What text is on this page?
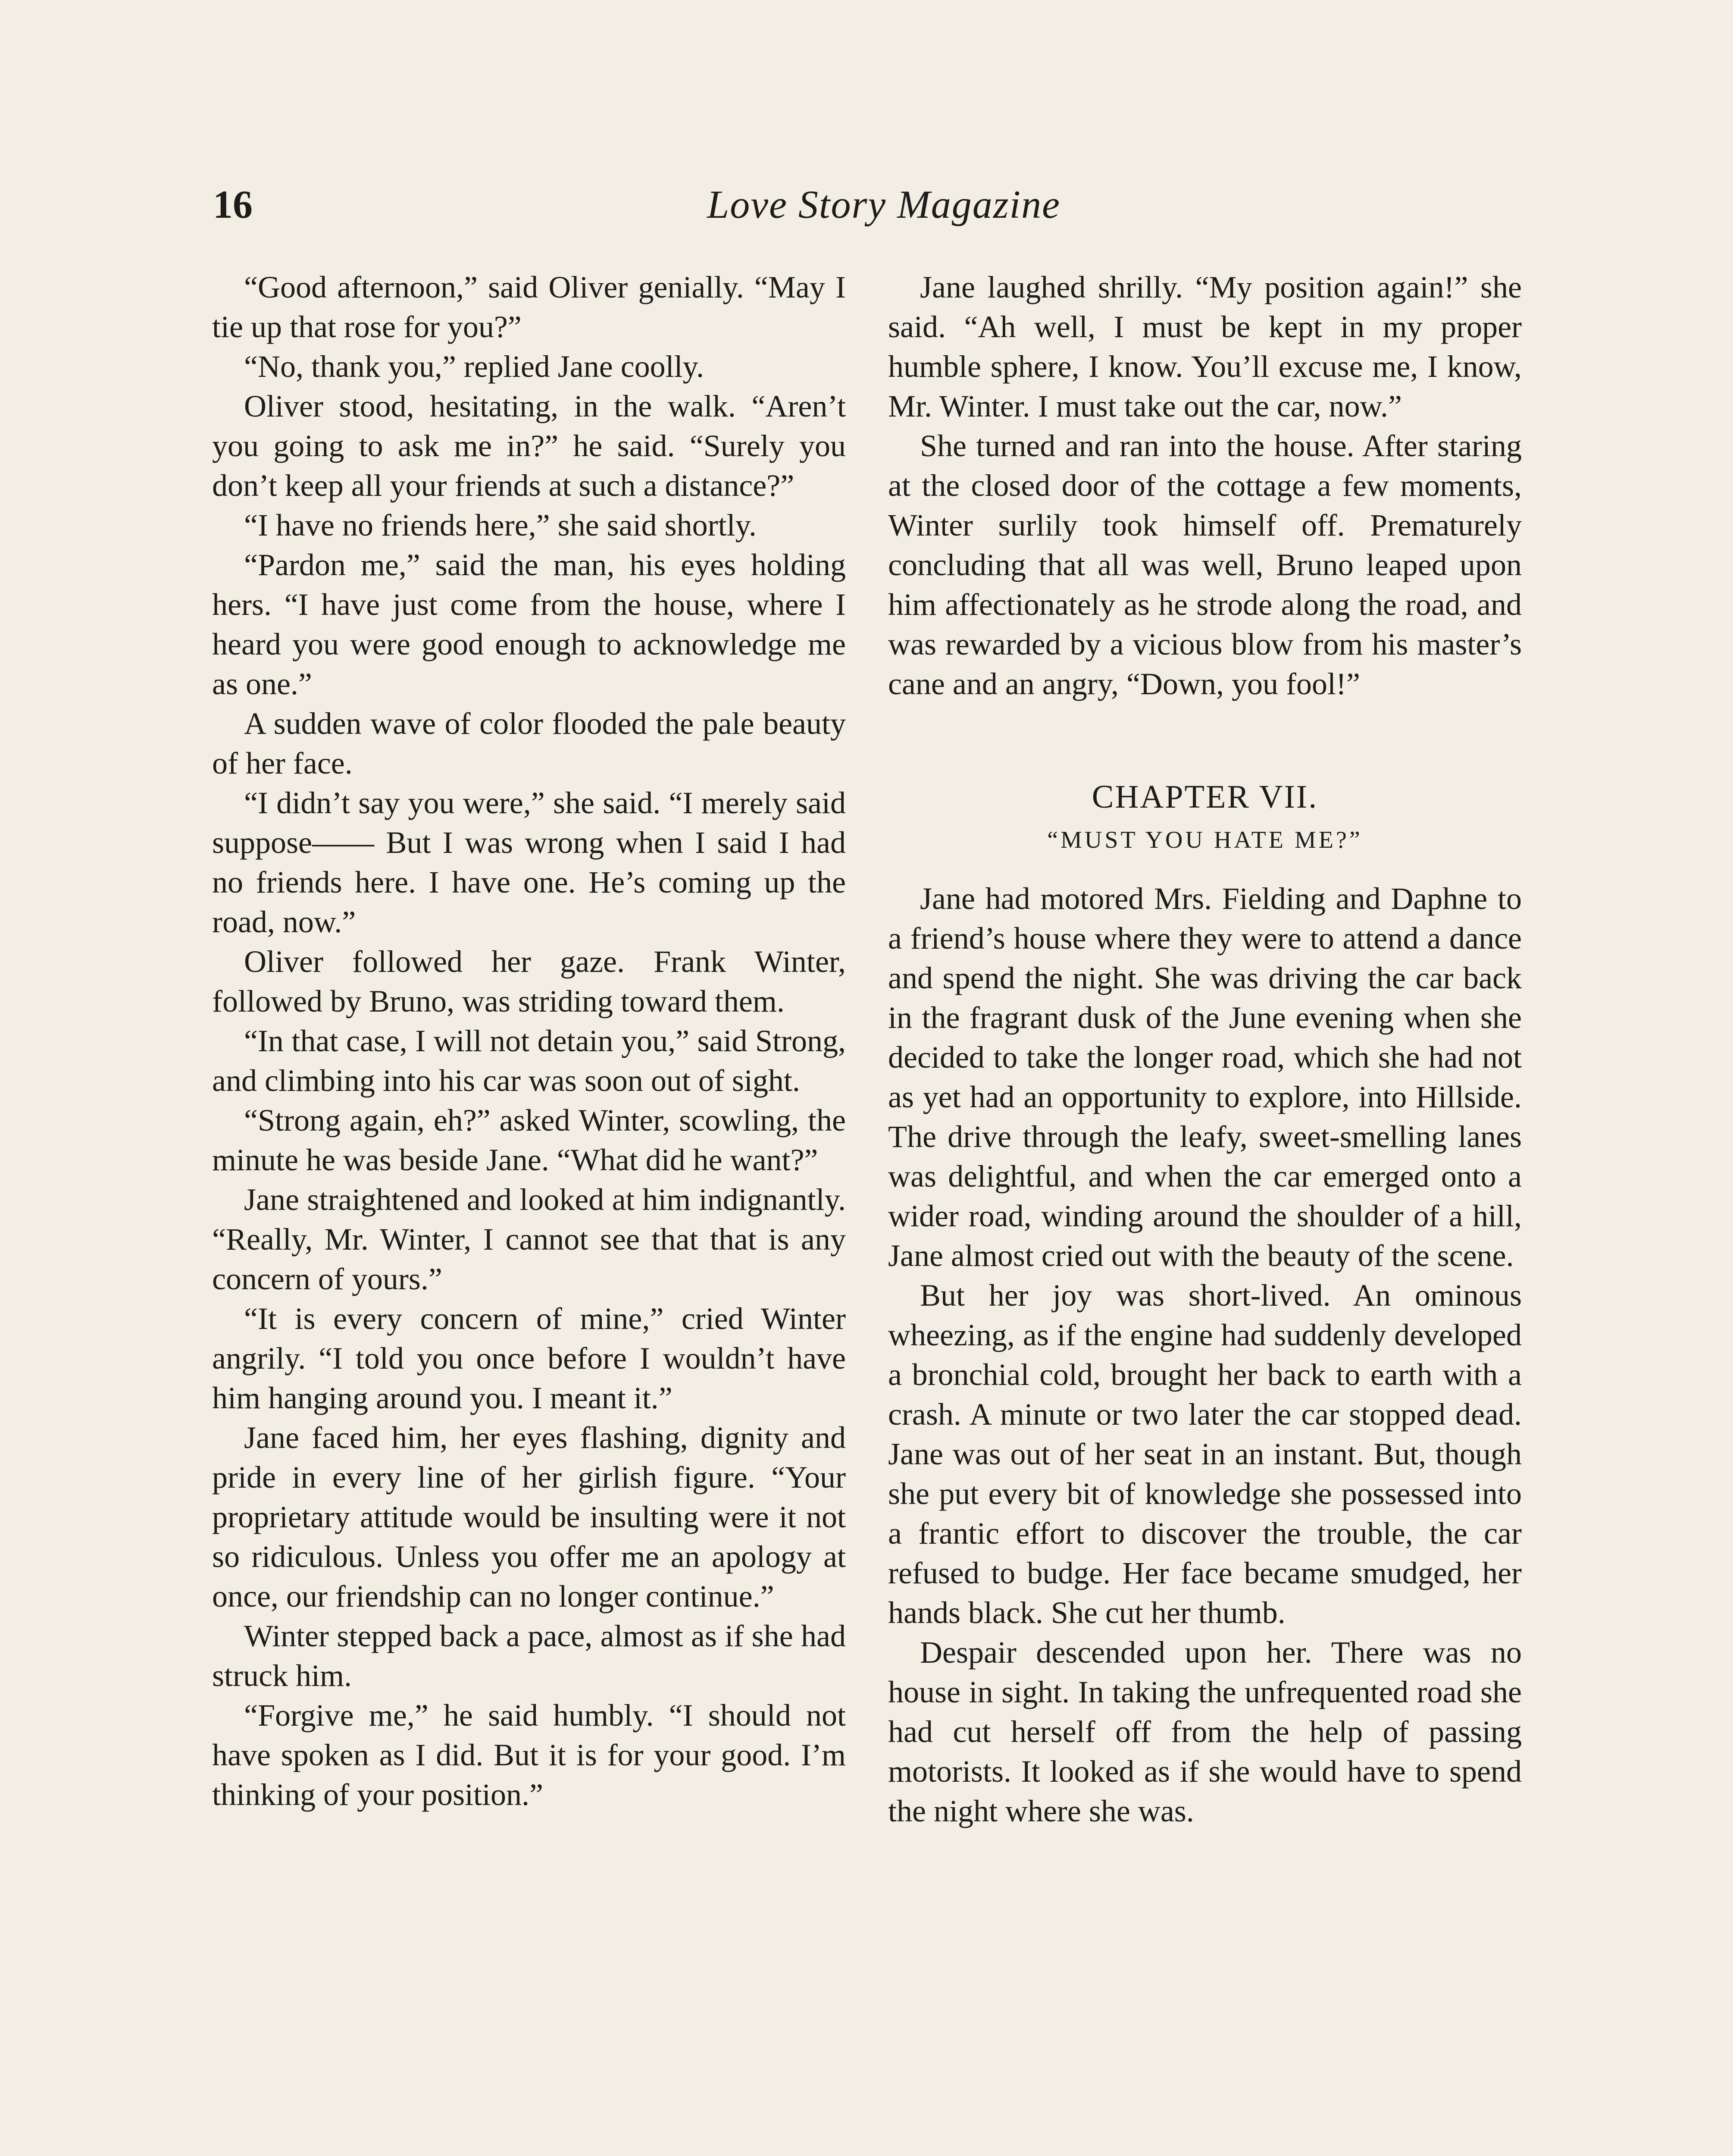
16	Love Story Magazine

“Good afternoon,” said Oliver genially. “May I tie up that rose for you?”

“No, thank you,” replied Jane coolly.

Oliver stood, hesitating, in the walk. “Aren’t you going to ask me in?” he said. “Surely you don’t keep all your friends at such a distance?”

“I have no friends here,” she said shortly.

“Pardon me,” said the man, his eyes holding hers. “I have just come from the house, where I heard you were good enough to acknowledge me as one.”

A sudden wave of color flooded the pale beauty of her face.

“I didn’t say you were,” she said. “I merely said suppose—— But I was wrong when I said I had no friends here. I have one. He’s coming up the road, now.”

Oliver followed her gaze. Frank Winter, followed by Bruno, was striding toward them.

“In that case, I will not detain you,” said Strong, and climbing into his car was soon out of sight.

“Strong again, eh?” asked Winter, scowling, the minute he was beside Jane. “What did he want?”

Jane straightened and looked at him indignantly. “Really, Mr. Winter, I cannot see that that is any concern of yours.”

“It is every concern of mine,” cried Winter angrily. “I told you once before I wouldn’t have him hanging around you. I meant it.”

Jane faced him, her eyes flashing, dignity and pride in every line of her girlish figure. “Your proprietary attitude would be insulting were it not so ridiculous. Unless you offer me an apology at once, our friendship can no longer continue.”

Winter stepped back a pace, almost as if she had struck him.

“Forgive me,” he said humbly. “I should not have spoken as I did. But it is for your good. I’m thinking of your position.”

Jane laughed shrilly. “My position again!” she said. “Ah well, I must be kept in my proper humble sphere, I know. You’ll excuse me, I know, Mr. Winter. I must take out the car, now.”

She turned and ran into the house. After staring at the closed door of the cottage a few moments, Winter surlily took himself off. Prematurely concluding that all was well, Bruno leaped upon him affectionately as he strode along the road, and was rewarded by a vicious blow from his master’s cane and an angry, “Down, you fool!”

CHAPTER VII.

“MUST YOU HATE ME?”

Jane had motored Mrs. Fielding and Daphne to a friend’s house where they were to attend a dance and spend the night. She was driving the car back in the fragrant dusk of the June evening when she decided to take the longer road, which she had not as yet had an opportunity to explore, into Hillside. The drive through the leafy, sweet-smelling lanes was delightful, and when the car emerged onto a wider road, winding around the shoulder of a hill, Jane almost cried out with the beauty of the scene.

But her joy was short-lived. An ominous wheezing, as if the engine had suddenly developed a bronchial cold, brought her back to earth with a crash. A minute or two later the car stopped dead. Jane was out of her seat in an instant. But, though she put every bit of knowledge she possessed into a frantic effort to discover the trouble, the car refused to budge. Her face became smudged, her hands black. She cut her thumb.

Despair descended upon her. There was no house in sight. In taking the unfrequented road she had cut herself off from the help of passing motorists. It looked as if she would have to spend the night where she was.
